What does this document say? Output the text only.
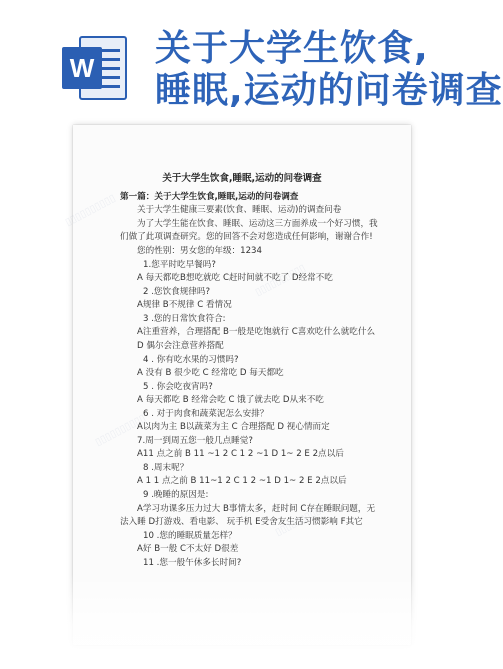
W 关于大学生饮食,
睡眠,运动的问卷调查
▯▯▯▯▯▯▯▯▯▯
▯▯▯▯▯▯▯▯▯▯
▯▯▯▯▯▯▯▯▯▯
▯▯▯▯▯▯▯▯▯▯
关于大学生饮食,睡眠,运动的问卷调查
第一篇：关于大学生饮食,睡眠,运动的问卷调查
关于大学生健康三要素(饮食、睡眠、运动)的调查问卷
为了大学生能在饮食、睡眠、运动这三方面养成一个好习惯，我
们做了此项调查研究。您的回答不会对您造成任何影响，谢谢合作!
您的性别：男女您的年级：1234
1.您平时吃早餐吗?
A 每天都吃B想吃就吃 C赶时间就不吃了 D经常不吃
2 .您饮食规律吗?
A规律 B不规律 C 看情况
3 .您的日常饮食符合:
A注重营养，合理搭配 B一般是吃饱就行 C喜欢吃什么就吃什么
D 偶尔会注意营养搭配
4 . 你有吃水果的习惯吗?
A 没有 B 很少吃 C 经常吃 D 每天都吃
5 . 你会吃夜宵吗?
A 每天都吃 B 经常会吃 C 饿了就去吃 D从来不吃
6 . 对于肉食和蔬菜泥怎么安排？
A以肉为主 B以蔬菜为主 C 合理搭配 D 视心情而定
7.周一到周五您一般几点睡觉?
A11 点之前 B 11 ~1 2 C 1 2 ~1 D 1~ 2 E 2点以后
8 .周末呢？
A 1 1 点之前 B 11~1 2 C 1 2 ~1 D 1~ 2 E 2点以后
9 .晚睡的原因是:
A学习功课多压力过大 B事情太多，赶时间 C存在睡眠问题，无
法入睡 D打游戏、看电影、 玩手机 E受舍友生活习惯影响 F其它
10 .您的睡眠质量怎样？
A好 B一般 C不太好 D很差
11 .您一般午休多长时间?
